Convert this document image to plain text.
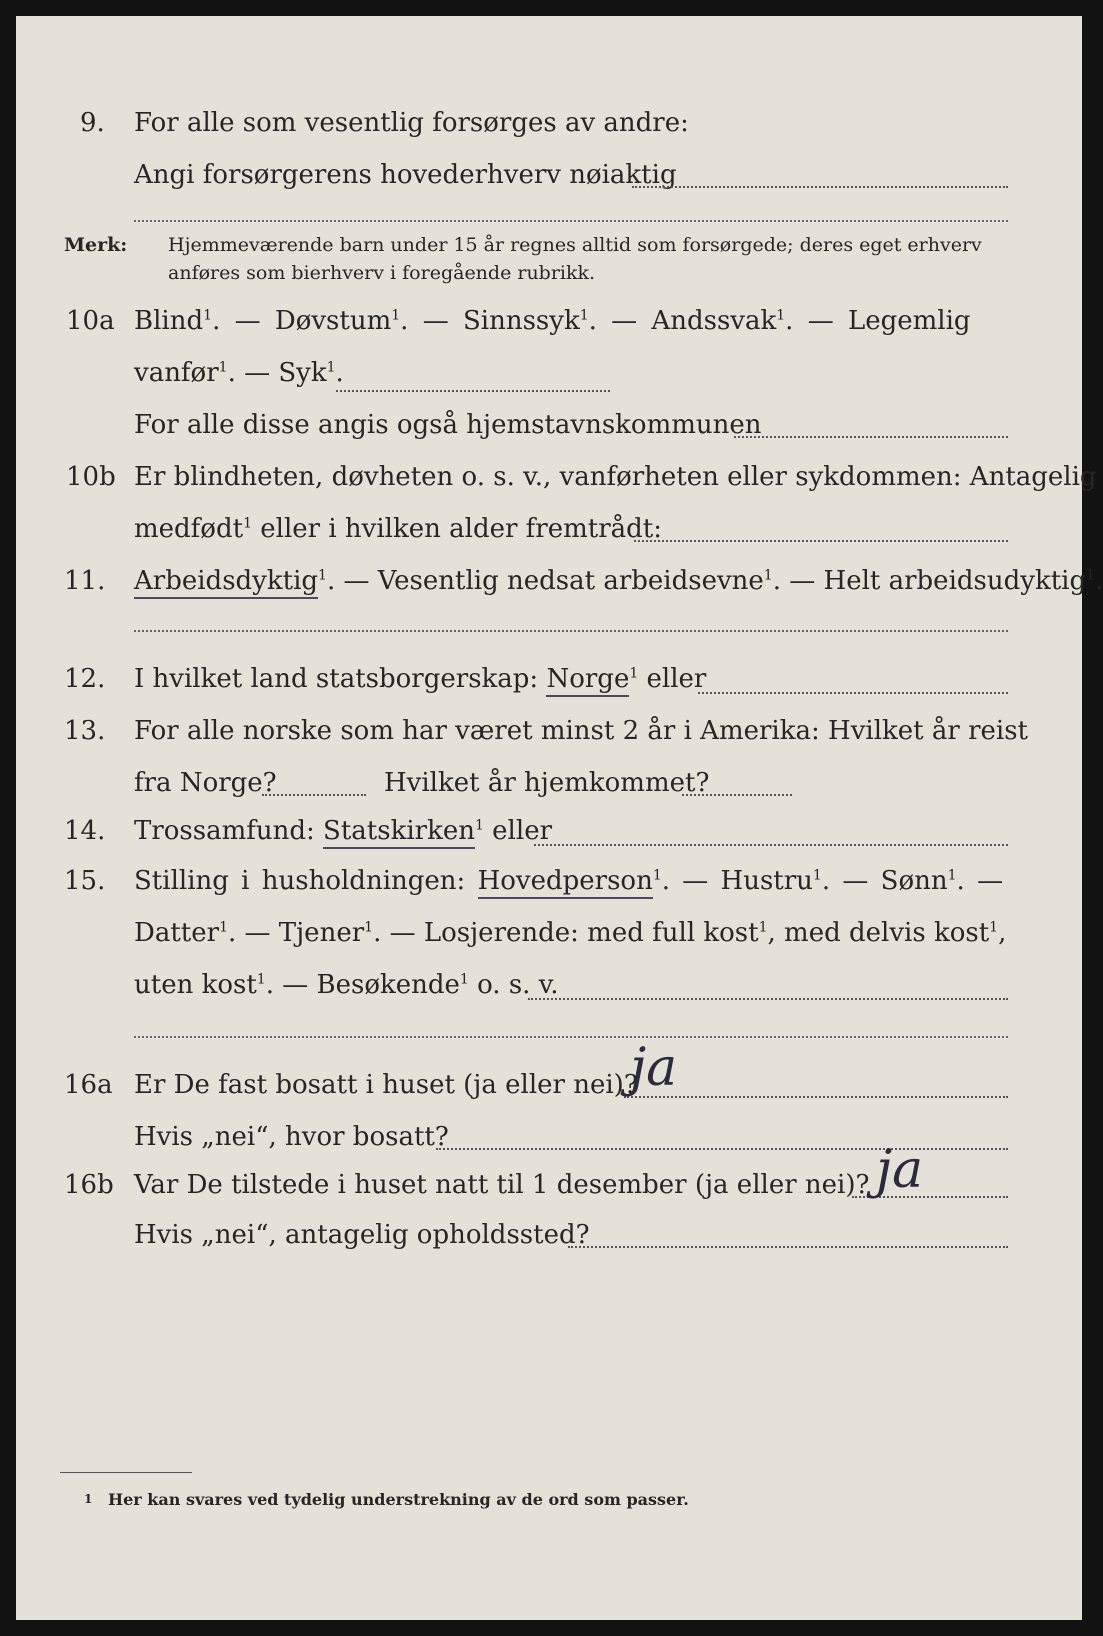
9. For alle som vesentlig forsørges av andre:
Angi forsørgerens hovederhverv nøiaktig
Merk: Hjemmeværende barn under 15 år regnes alltid som forsørgede; deres eget erhverv
anføres som bierhverv i foregående rubrikk.
10a Blind$^1$. — Døvstum$^1$. — Sinnssyk$^1$. — Andssvak$^1$. — Legemlig
vanfør$^1$. — Syk$^1$.
For alle disse angis også hjemstavnskommunen
10b Er blindheten, døvheten o. s. v., vanførheten eller sykdommen: Antagelig
medfødt$^1$ eller i hvilken alder fremtrådt:
11. Arbeidsdyktig$^1$. — Vesentlig nedsat arbeidsevne$^1$. — Helt arbeidsudyktig$^1$.
12. I hvilket land statsborgerskap: Norge$^1$ eller
13. For alle norske som har været minst 2 år i Amerika: Hvilket år reist
fra Norge?	Hvilket år hjemkommet?
14. Trossamfund: Statskirken$^1$ eller
15. Stilling i husholdningen: Hovedperson$^1$. — Hustru$^1$. — Sønn$^1$. —
Datter$^1$. — Tjener$^1$. — Losjerende: med full kost$^1$, med delvis kost$^1$,
uten kost$^1$. — Besøkende$^1$ o. s. v.
16a Er De fast bosatt i huset (ja eller nei)?
ja
Hvis „nei“, hvor bosatt?
16b Var De tilstede i huset natt til 1 desember (ja eller nei)? ja
Hvis „nei“, antagelig opholdssted?
1 Her kan svares ved tydelig understrekning av de ord som passer.
